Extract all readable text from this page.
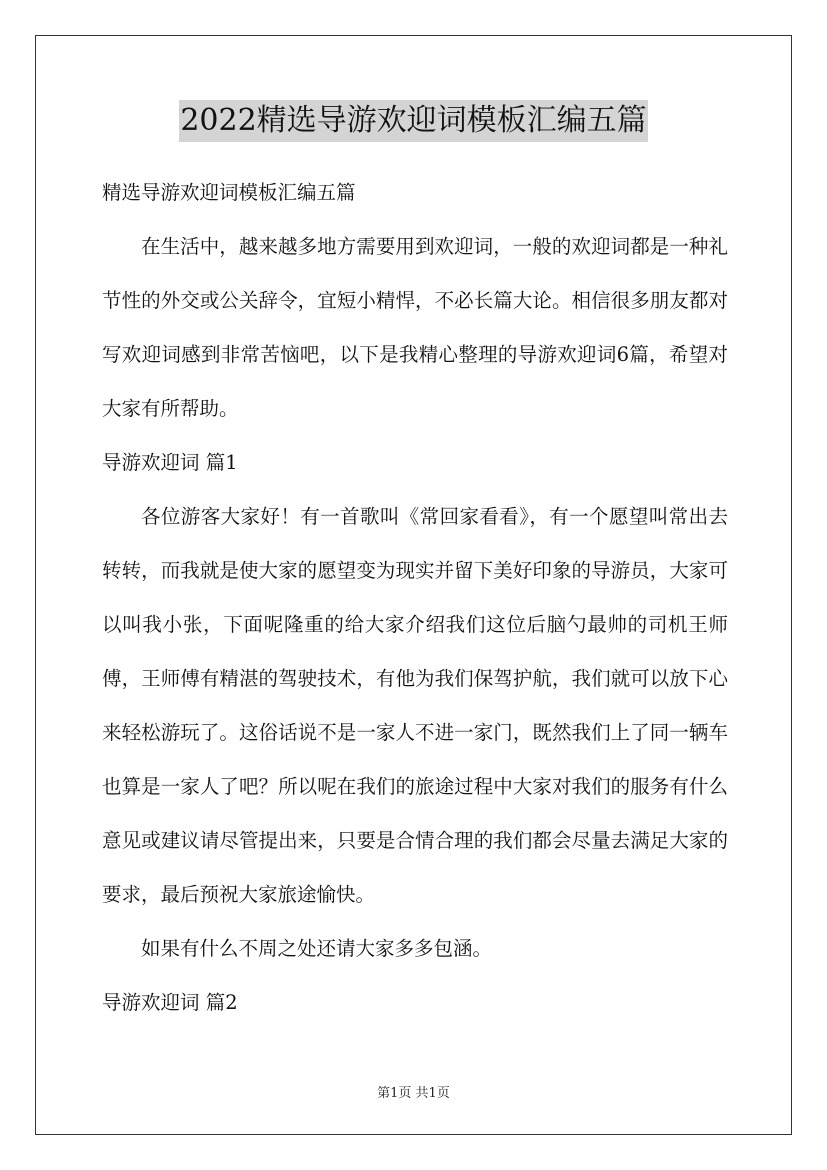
2022精选导游欢迎词模板汇编五篇
精选导游欢迎词模板汇编五篇

在生活中，越来越多地方需要用到欢迎词，一般的欢迎词都是一种礼节性的外交或公关辞令，宜短小精悍，不必长篇大论。相信很多朋友都对写欢迎词感到非常苦恼吧，以下是我精心整理的导游欢迎词6篇，希望对大家有所帮助。

导游欢迎词 篇1

各位游客大家好！有一首歌叫《常回家看看》，有一个愿望叫常出去转转，而我就是使大家的愿望变为现实并留下美好印象的导游员，大家可以叫我小张，下面呢隆重的给大家介绍我们这位后脑勺最帅的司机王师傅，王师傅有精湛的驾驶技术，有他为我们保驾护航，我们就可以放下心来轻松游玩了。这俗话说不是一家人不进一家门，既然我们上了同一辆车也算是一家人了吧？所以呢在我们的旅途过程中大家对我们的服务有什么意见或建议请尽管提出来，只要是合情合理的我们都会尽量去满足大家的要求，最后预祝大家旅途愉快。

如果有什么不周之处还请大家多多包涵。

导游欢迎词 篇2
第1页 共1页
